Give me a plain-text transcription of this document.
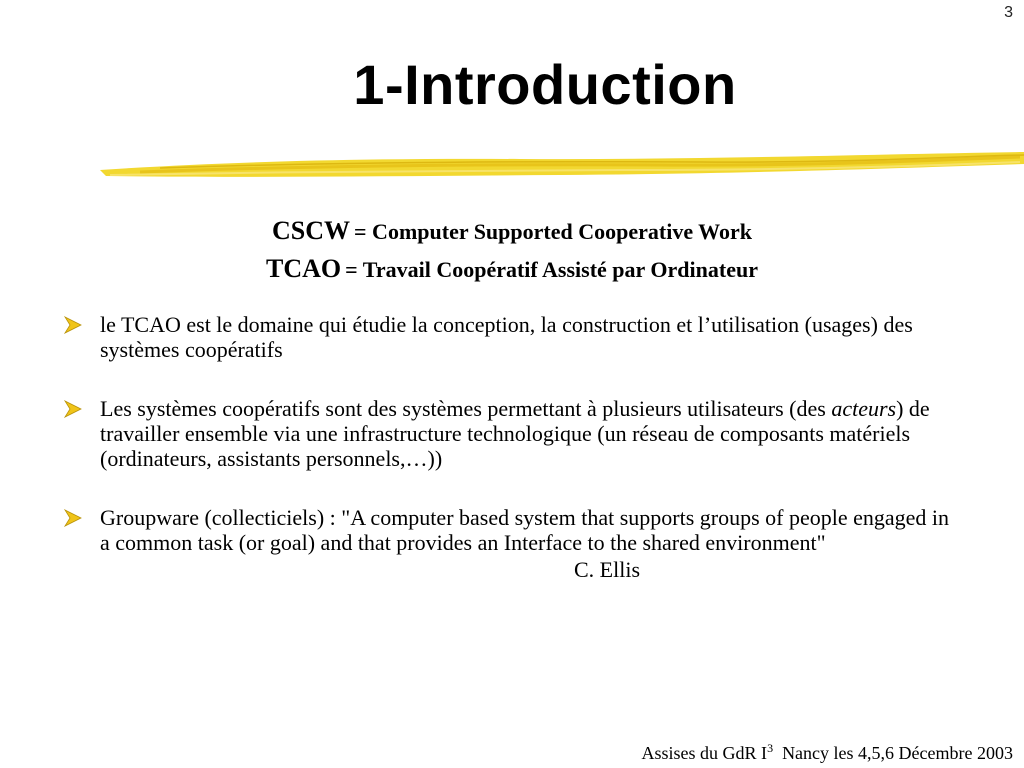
3
1-Introduction
CSCW = Computer Supported Cooperative Work
TCAO = Travail Coopératif Assisté par Ordinateur
le TCAO est le domaine qui étudie la conception, la construction et l’utilisation (usages) des systèmes coopératifs
Les systèmes coopératifs sont des systèmes permettant à plusieurs utilisateurs (des acteurs) de travailler ensemble via une infrastructure technologique (un réseau de composants matériels (ordinateurs, assistants personnels,…))
Groupware (collecticiels) : "A computer based system that supports groups of people engaged in a common task (or goal) and that provides an Interface to the shared environment"
C. Ellis
Assises du GdR $I^3$ Nancy les 4,5,6 Décembre 2003
